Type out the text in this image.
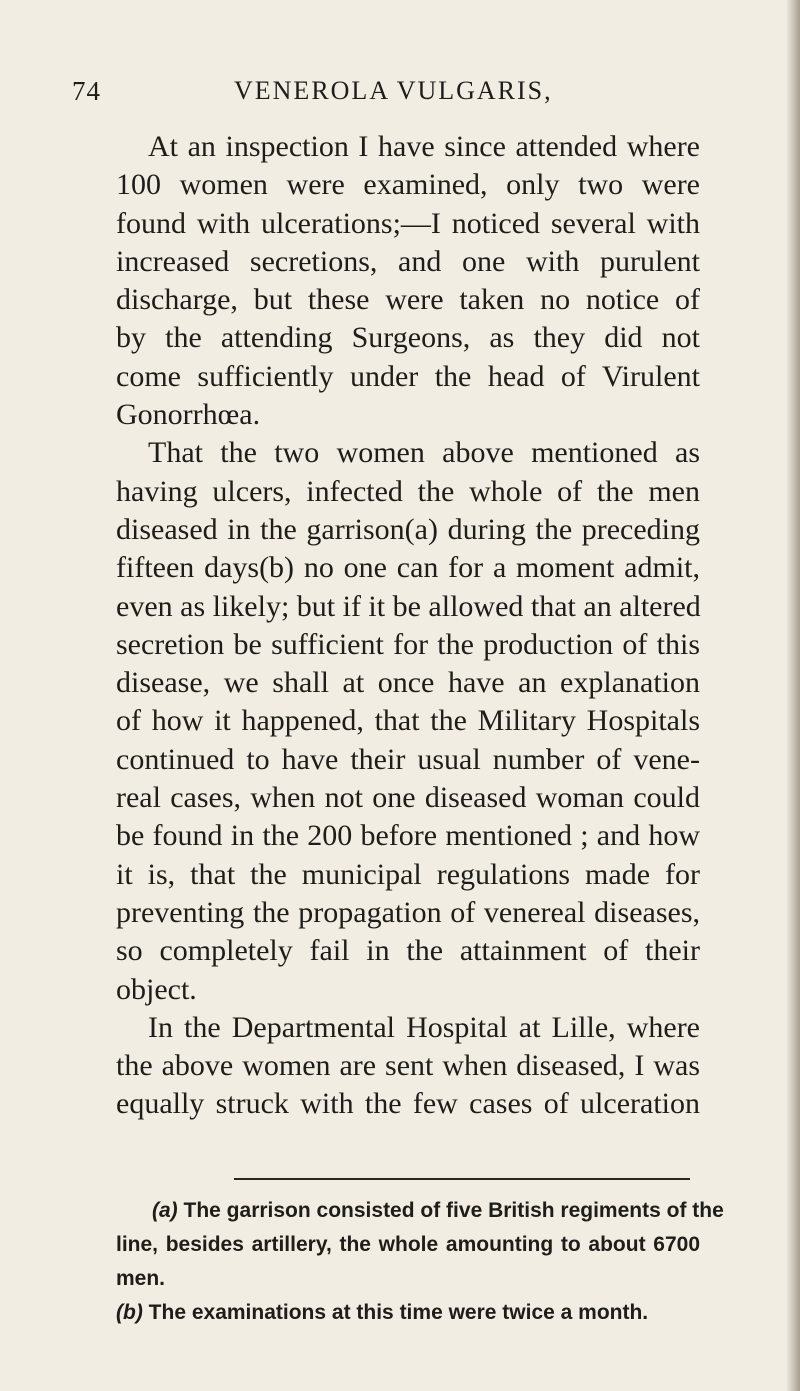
74	VENEROLA VULGARIS,
At an inspection I have since attended where
100 women were examined, only two were
found with ulcerations;—I noticed several with
increased secretions, and one with purulent
discharge, but these were taken no notice of
by the attending Surgeons, as they did not
come sufficiently under the head of Virulent
Gonorrhœa.
That the two women above mentioned as
having ulcers, infected the whole of the men
diseased in the garrison(a) during the preceding
fifteen days(b) no one can for a moment admit,
even as likely; but if it be allowed that an altered
secretion be sufficient for the production of this
disease, we shall at once have an explanation
of how it happened, that the Military Hospitals
continued to have their usual number of vene-
real cases, when not one diseased woman could
be found in the 200 before mentioned ; and how
it is, that the municipal regulations made for
preventing the propagation of venereal diseases,
so completely fail in the attainment of their
object.
In the Departmental Hospital at Lille, where
the above women are sent when diseased, I was
equally struck with the few cases of ulceration
(a) The garrison consisted of five British regiments of the
line, besides artillery, the whole amounting to about 6700
men.
(b) The examinations at this time were twice a month.
